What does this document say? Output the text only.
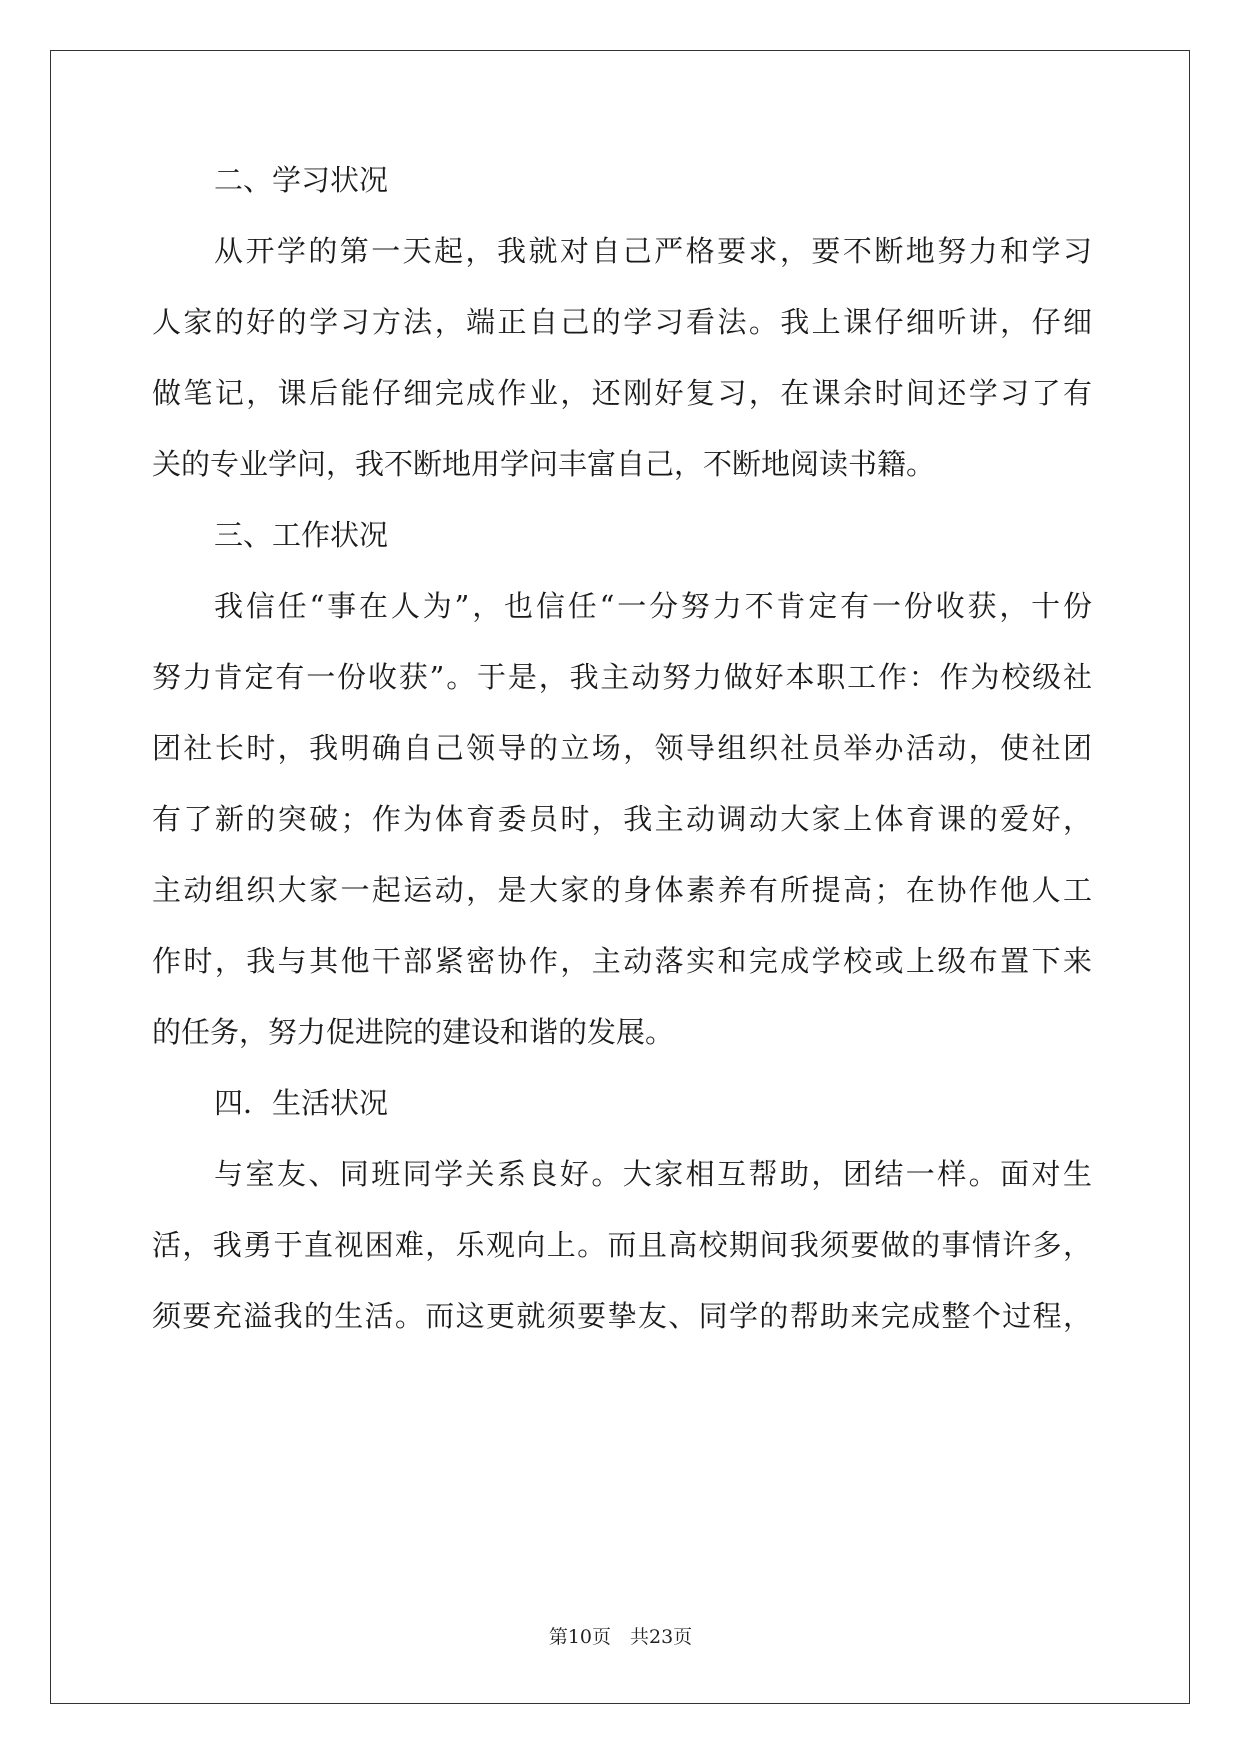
二、学习状况
从开学的第一天起，我就对自己严格要求，要不断地努力和学习
人家的好的学习方法，端正自己的学习看法。我上课仔细听讲，仔细
做笔记，课后能仔细完成作业，还刚好复习，在课余时间还学习了有
关的专业学问，我不断地用学问丰富自己，不断地阅读书籍。
三、工作状况
我信任“事在人为”，也信任“一分努力不肯定有一份收获，十份
努力肯定有一份收获”。于是，我主动努力做好本职工作：作为校级社
团社长时，我明确自己领导的立场，领导组织社员举办活动，使社团
有了新的突破；作为体育委员时，我主动调动大家上体育课的爱好，
主动组织大家一起运动，是大家的身体素养有所提高；在协作他人工
作时，我与其他干部紧密协作，主动落实和完成学校或上级布置下来
的任务，努力促进院的建设和谐的发展。
四．生活状况
与室友、同班同学关系良好。大家相互帮助，团结一样。面对生
活，我勇于直视困难，乐观向上。而且高校期间我须要做的事情许多，
须要充溢我的生活。而这更就须要挚友、同学的帮助来完成整个过程，
第10页　共23页
